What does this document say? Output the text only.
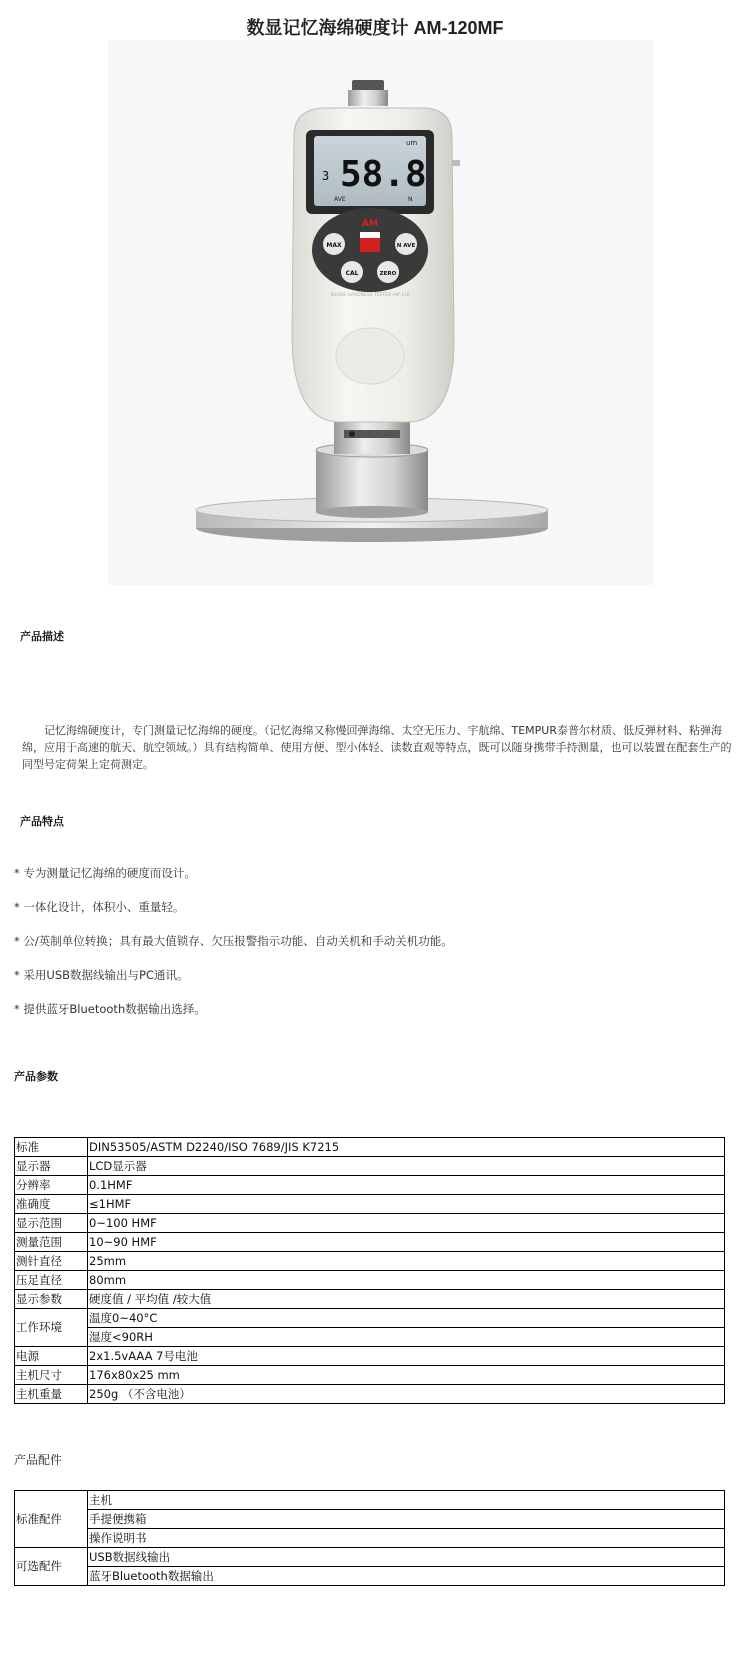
数显记忆海绵硬度计 AM-120MF
um
3 58.8
AVE	N
AM
MAX	N AVE
CAL	ZERO
SHORE HARDNESS TESTER AM-120
产品描述
记忆海绵硬度计，专门测量记忆海绵的硬度。（记忆海绵又称慢回弹海绵、太空无压力、宇航绵、TEMPUR泰普尔材质、低反弹材料、粘弹海绵，应用于高速的航天、航空领域。）具有结构简单、使用方便、型小体轻、读数直观等特点，既可以随身携带手持测量，也可以装置在配套生产的同型号定荷架上定荷测定。
产品特点
* 专为测量记忆海绵的硬度而设计。
* 一体化设计，体积小、重量轻。
* 公/英制单位转换；具有最大值锁存、欠压报警指示功能、自动关机和手动关机功能。
* 采用USB数据线输出与PC通讯。
* 提供蓝牙Bluetooth数据输出选择。
产品参数
标准	DIN53505/ASTM D2240/ISO 7689/JIS K7215
显示器	LCD显示器
分辨率	0.1HMF
准确度	≤1HMF
显示范围	0~100 HMF
测量范围	10~90 HMF
测针直径	25mm
压足直径	80mm
显示参数	硬度值 / 平均值 /较大值
工作环境	温度0~40°C
	湿度<90RH
电源	2x1.5vAAA 7号电池
主机尺寸	176x80x25 mm
主机重量	250g （不含电池）
产品配件
标准配件	主机
	手提便携箱
	操作说明书
可选配件	USB数据线输出
	蓝牙Bluetooth数据输出
